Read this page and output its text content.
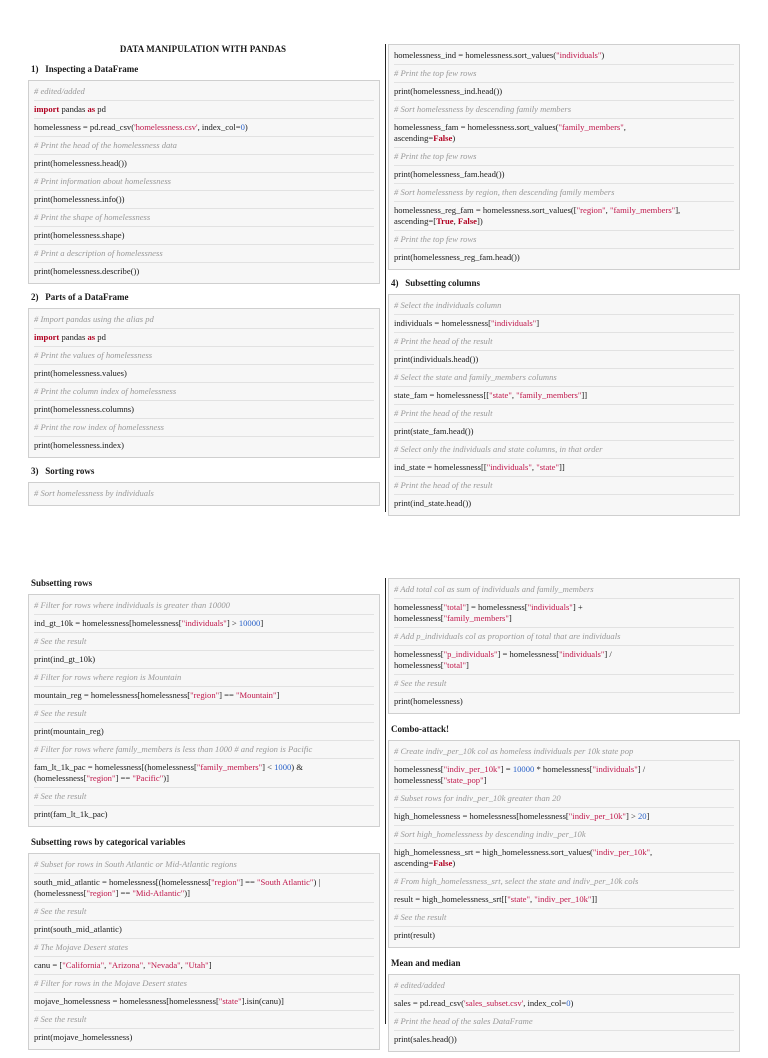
DATA MANIPULATION WITH PANDAS
1)   Inspecting a DataFrame
# edited/added
import pandas as pd
homelessness = pd.read_csv('homelessness.csv', index_col=0)
# Print the head of the homelessness data
print(homelessness.head())
# Print information about homelessness
print(homelessness.info())
# Print the shape of homelessness
print(homelessness.shape)
# Print a description of homelessness
print(homelessness.describe())
2)   Parts of a DataFrame
# Import pandas using the alias pd
import pandas as pd
# Print the values of homelessness
print(homelessness.values)
# Print the column index of homelessness
print(homelessness.columns)
# Print the row index of homelessness
print(homelessness.index)
3)   Sorting rows
# Sort homelessness by individuals
homelessness_ind = homelessness.sort_values("individuals")
# Print the top few rows
print(homelessness_ind.head())
# Sort homelessness by descending family members
homelessness_fam = homelessness.sort_values("family_members",
ascending=False)
# Print the top few rows
print(homelessness_fam.head())
# Sort homelessness by region, then descending family members
homelessness_reg_fam = homelessness.sort_values(["region", "family_members"],
ascending=[True, False])
# Print the top few rows
print(homelessness_reg_fam.head())
4)   Subsetting columns
# Select the individuals column
individuals = homelessness["individuals"]
# Print the head of the result
print(individuals.head())
# Select the state and family_members columns
state_fam = homelessness[["state", "family_members"]]
# Print the head of the result
print(state_fam.head())
# Select only the individuals and state columns, in that order
ind_state = homelessness[["individuals", "state"]]
# Print the head of the result
print(ind_state.head())
Subsetting rows
# Filter for rows where individuals is greater than 10000
ind_gt_10k = homelessness[homelessness["individuals"] > 10000]
# See the result
print(ind_gt_10k)
# Filter for rows where region is Mountain
mountain_reg = homelessness[homelessness["region"] == "Mountain"]
# See the result
print(mountain_reg)
# Filter for rows where family_members is less than 1000 # and region is Pacific
fam_lt_1k_pac = homelessness[(homelessness["family_members"] < 1000) &
(homelessness["region"] == "Pacific")]
# See the result
print(fam_lt_1k_pac)
Subsetting rows by categorical variables
# Subset for rows in South Atlantic or Mid-Atlantic regions
south_mid_atlantic = homelessness[(homelessness["region"] == "South Atlantic") |
(homelessness["region"] == "Mid-Atlantic")]
# See the result
print(south_mid_atlantic)
# The Mojave Desert states
canu = ["California", "Arizona", "Nevada", "Utah"]
# Filter for rows in the Mojave Desert states
mojave_homelessness = homelessness[homelessness["state"].isin(canu)]
# See the result
print(mojave_homelessness)
# Add total col as sum of individuals and family_members
homelessness["total"] = homelessness["individuals"] +
homelessness["family_members"]
# Add p_individuals col as proportion of total that are individuals
homelessness["p_individuals"] = homelessness["individuals"] /
homelessness["total"]
# See the result
print(homelessness)
Combo-attack!
# Create indiv_per_10k col as homeless individuals per 10k state pop
homelessness["indiv_per_10k"] = 10000 * homelessness["individuals"] /
homelessness["state_pop"]
# Subset rows for indiv_per_10k greater than 20
high_homelessness = homelessness[homelessness["indiv_per_10k"] > 20]
# Sort high_homelessness by descending indiv_per_10k
high_homelessness_srt = high_homelessness.sort_values("indiv_per_10k",
ascending=False)
# From high_homelessness_srt, select the state and indiv_per_10k cols
result = high_homelessness_srt[["state", "indiv_per_10k"]]
# See the result
print(result)
Mean and median
# edited/added
sales = pd.read_csv('sales_subset.csv', index_col=0)
# Print the head of the sales DataFrame
print(sales.head())
